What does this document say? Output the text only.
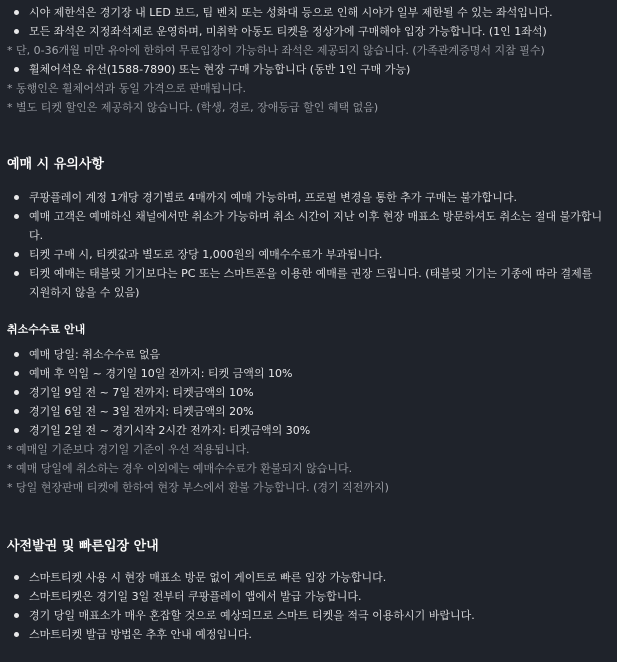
시야 제한석은 경기장 내 LED 보드, 팀 벤치 또는 성화대 등으로 인해 시야가 일부 제한될 수 있는 좌석입니다.
모든 좌석은 지정좌석제로 운영하며, 미취학 아동도 티켓을 정상가에 구매해야 입장 가능합니다. (1인 1좌석)
* 단, 0-36개월 미만 유아에 한하여 무료입장이 가능하나 좌석은 제공되지 않습니다. (가족관계증명서 지참 필수)
휠체어석은 유선(1588-7890) 또는 현장 구매 가능합니다 (동반 1인 구매 가능)
* 동행인은 휠체어석과 동일 가격으로 판매됩니다.
* 별도 티켓 할인은 제공하지 않습니다. (학생, 경로, 장애등급 할인 혜택 없음)
예매 시 유의사항
쿠팡플레이 계정 1개당 경기별로 4매까지 예매 가능하며, 프로필 변경을 통한 추가 구매는 불가합니다.
예매 고객은 예매하신 채널에서만 취소가 가능하며 취소 시간이 지난 이후 현장 매표소 방문하셔도 취소는 절대 불가합니다.
티켓 구매 시, 티켓값과 별도로 장당 1,000원의 예매수수료가 부과됩니다.
티켓 예매는 태블릿 기기보다는 PC 또는 스마트폰을 이용한 예매를 권장 드립니다. (태블릿 기기는 기종에 따라 결제를 지원하지 않을 수 있음)
취소수수료 안내
예매 당일: 취소수수료 없음
예매 후 익일 ~ 경기일 10일 전까지: 티켓 금액의 10%
경기일 9일 전 ~ 7일 전까지: 티켓금액의 10%
경기일 6일 전 ~ 3일 전까지: 티켓금액의 20%
경기일 2일 전 ~ 경기시작 2시간 전까지: 티켓금액의 30%
* 예매일 기준보다 경기일 기준이 우선 적용됩니다.
* 예매 당일에 취소하는 경우 이외에는 예매수수료가 환불되지 않습니다.
* 당일 현장판매 티켓에 한하여 현장 부스에서 환불 가능합니다. (경기 직전까지)
사전발권 및 빠른입장 안내
스마트티켓 사용 시 현장 매표소 방문 없이 게이트로 빠른 입장 가능합니다.
스마트티켓은 경기일 3일 전부터 쿠팡플레이 앱에서 발급 가능합니다.
경기 당일 매표소가 매우 혼잡할 것으로 예상되므로 스마트 티켓을 적극 이용하시기 바랍니다.
스마트티켓 발급 방법은 추후 안내 예정입니다.
